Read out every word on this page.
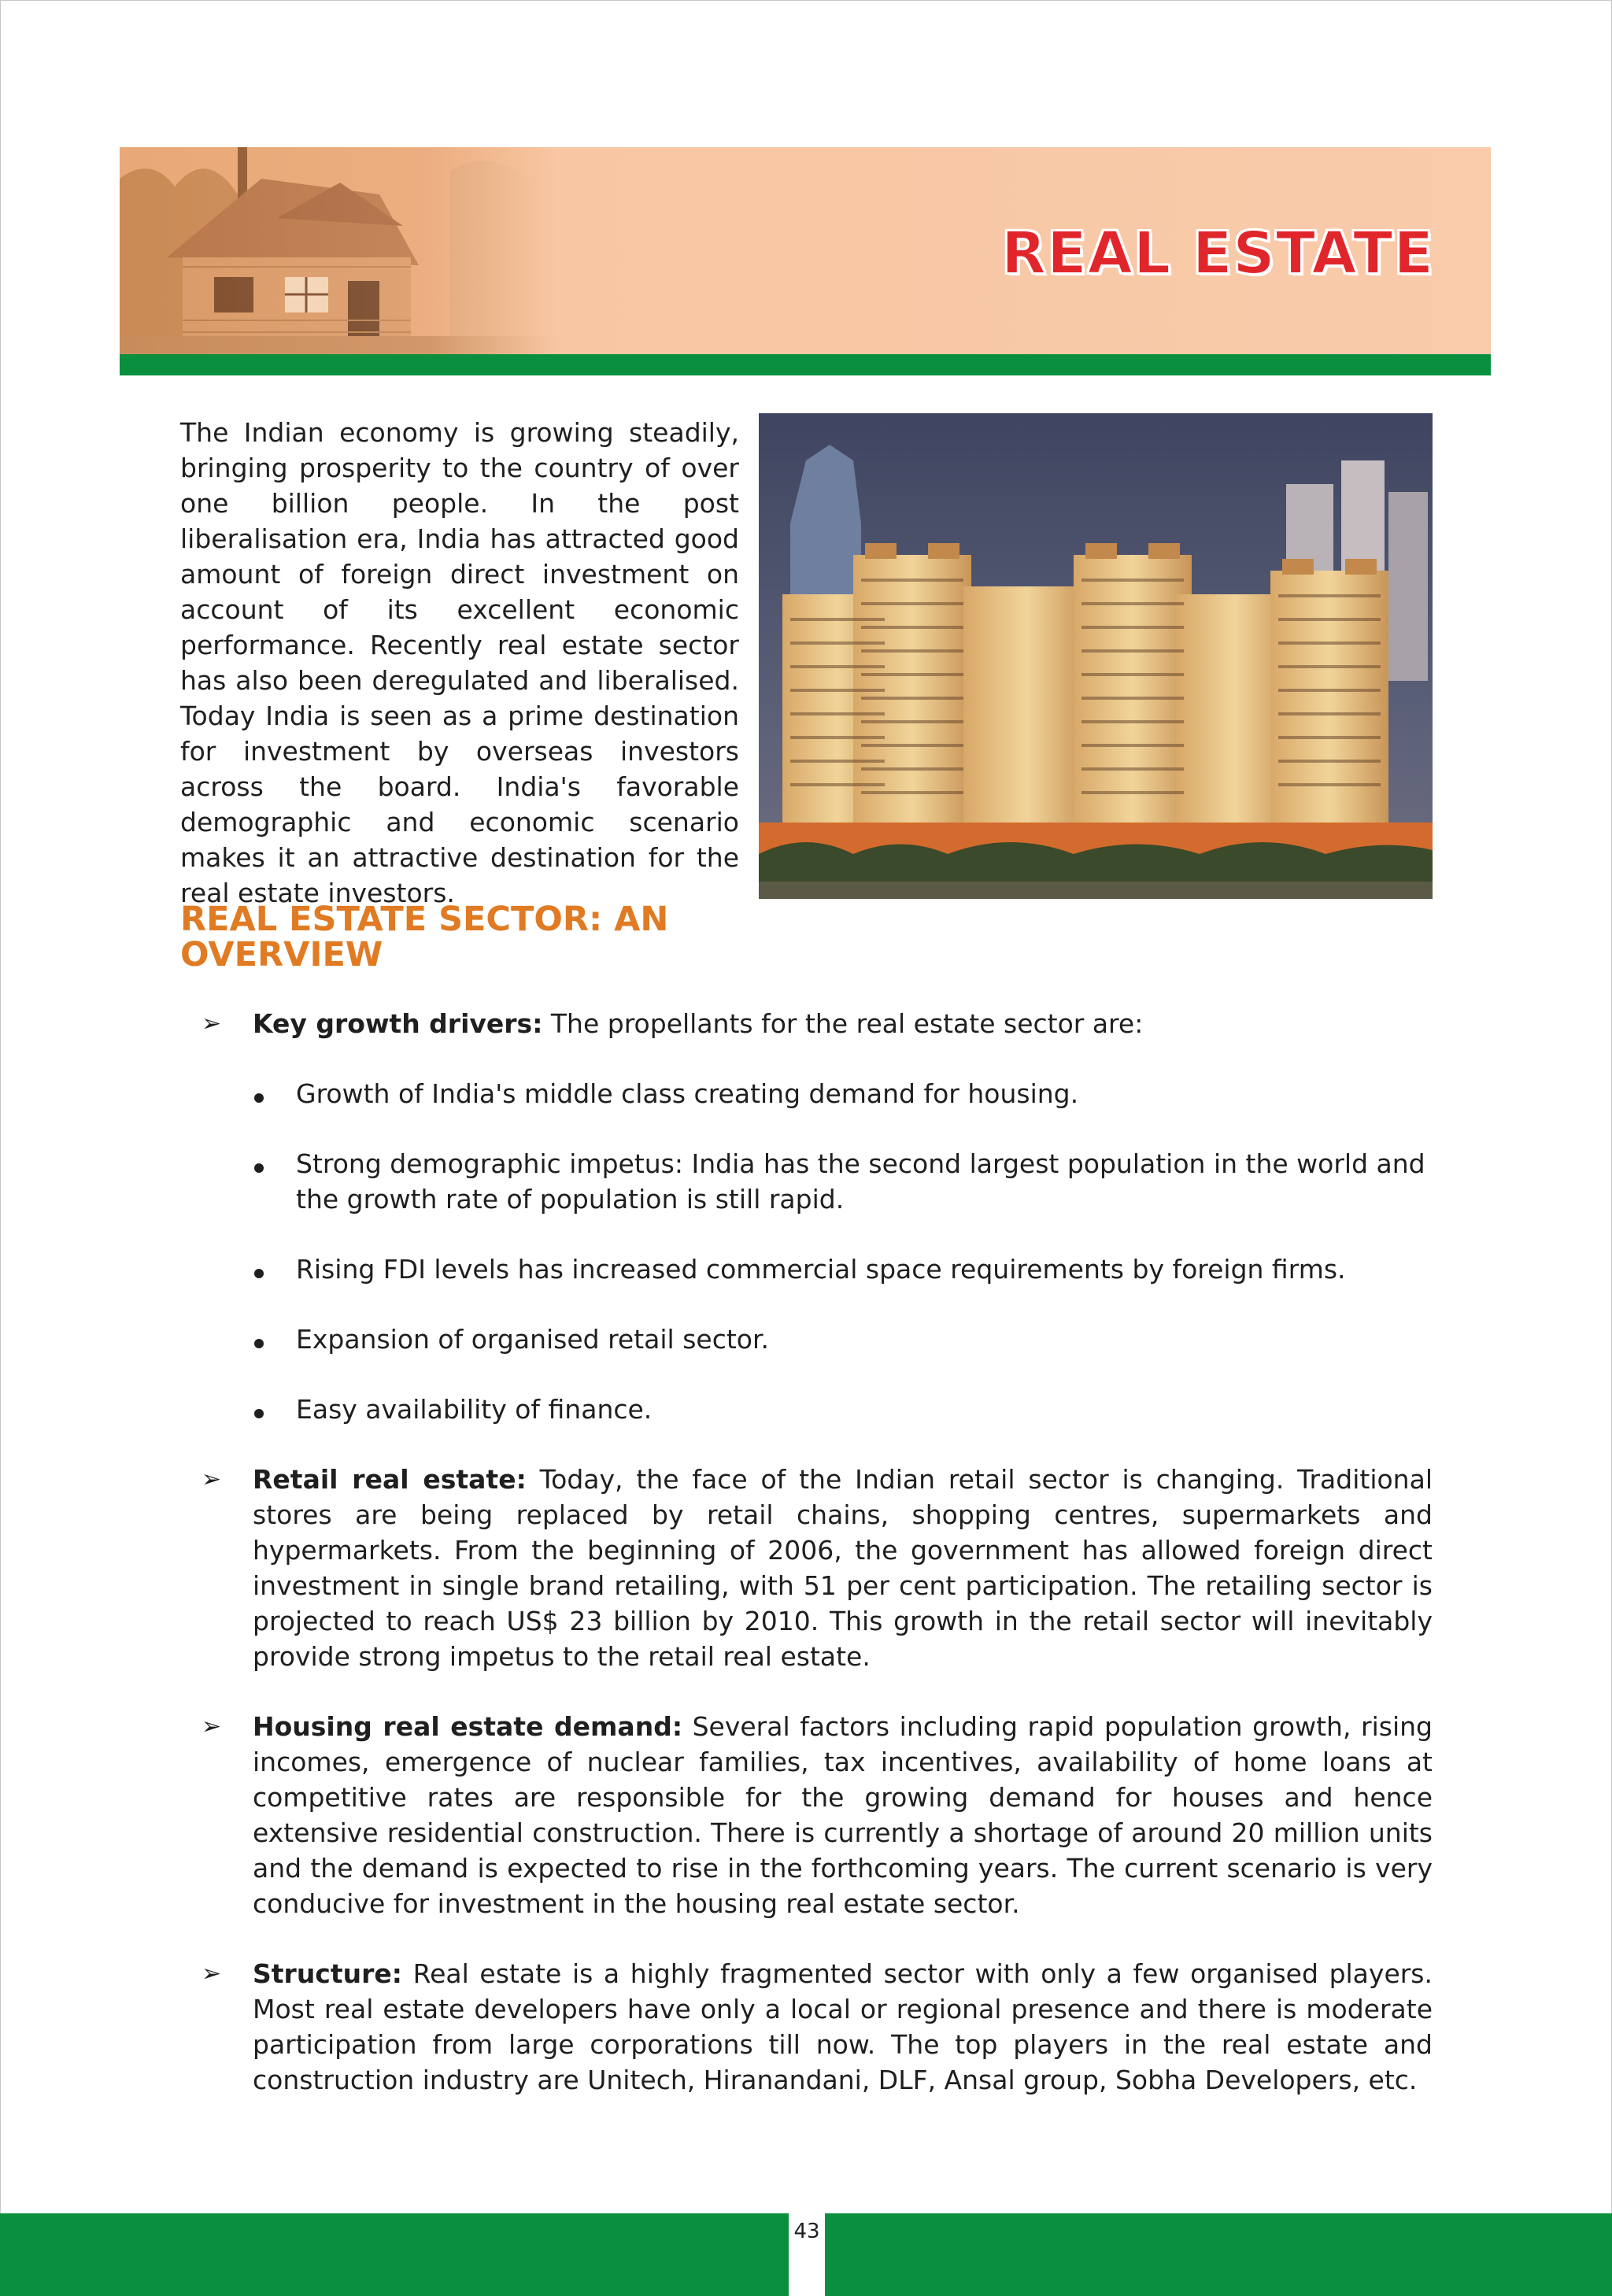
REAL ESTATE

The Indian economy is growing steadily, bringing prosperity to the country of over one billion people. In the post liberalisation era, India has attracted good amount of foreign direct investment on account of its excellent economic performance. Recently real estate sector has also been deregulated and liberalised. Today India is seen as a prime destination for investment by overseas investors across the board. India's favorable demographic and economic scenario makes it an attractive destination for the real estate investors.

REAL ESTATE SECTOR: AN OVERVIEW
➢ Key growth drivers: The propellants for the real estate sector are:

Growth of India's middle class creating demand for housing.
Strong demographic impetus: India has the second largest population in the world and the growth rate of population is still rapid.
Rising FDI levels has increased commercial space requirements by foreign firms.
Expansion of organised retail sector.
Easy availability of finance.
➢ Retail real estate: Today, the face of the Indian retail sector is changing. Traditional stores are being replaced by retail chains, shopping centres, supermarkets and hypermarkets. From the beginning of 2006, the government has allowed foreign direct investment in single brand retailing, with 51 per cent participation. The retailing sector is projected to reach US$ 23 billion by 2010. This growth in the retail sector will inevitably provide strong impetus to the retail real estate.

➢ Housing real estate demand: Several factors including rapid population growth, rising incomes, emergence of nuclear families, tax incentives, availability of home loans at competitive rates are responsible for the growing demand for houses and hence extensive residential construction. There is currently a shortage of around 20 million units and the demand is expected to rise in the forthcoming years. The current scenario is very conducive for investment in the housing real estate sector.

➢ Structure: Real estate is a highly fragmented sector with only a few organised players. Most real estate developers have only a local or regional presence and there is moderate participation from large corporations till now. The top players in the real estate and construction industry are Unitech, Hiranandani, DLF, Ansal group, Sobha Developers, etc.

43
